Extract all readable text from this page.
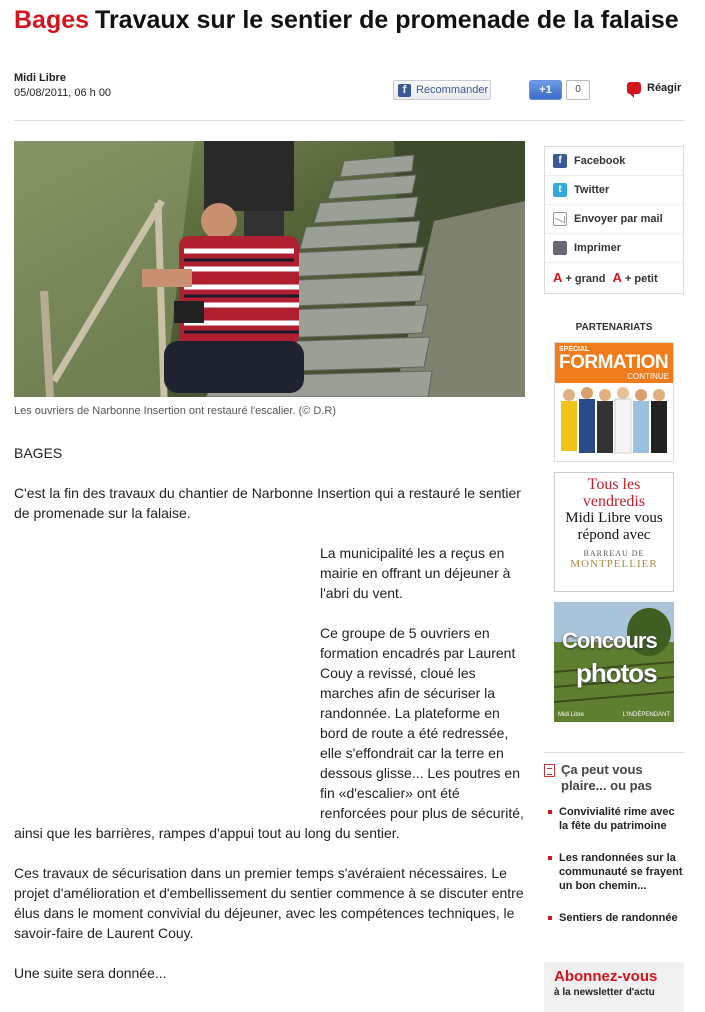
Bages Travaux sur le sentier de promenade de la falaise
Midi Libre
05/08/2011, 06 h 00	f Recommander	+1	0	Réagir
Les ouvriers de Narbonne Insertion ont restauré l'escalier. (© D.R)

BAGES

C'est la fin des travaux du chantier de Narbonne Insertion qui a restauré le sentier de promenade sur la falaise.

La municipalité les a reçus en mairie en offrant un déjeuner à l'abri du vent.

Ce groupe de 5 ouvriers en formation encadrés par Laurent Couy a revissé, cloué les marches afin de sécuriser la randonnée. La plateforme en bord de route a été redressée, elle s'effondrait car la terre en dessous glisse... Les poutres en fin «d'escalier» ont été renforcées pour plus de sécurité, ainsi que les barrières, rampes d'appui tout au long du sentier.

Ces travaux de sécurisation dans un premier temps s'avéraient nécessaires. Le projet d'amélioration et d'embellissement du sentier commence à se discuter entre élus dans le moment convivial du déjeuner, avec les compétences techniques, le savoir-faire de Laurent Couy.

Une suite sera donnée...

f	Facebook
t	Twitter
Envoyer par mail
Imprimer
A + grand A + petit
PARTENARIATS
SPÉCIAL
FORMATION
CONTINUE
Tous les vendredis
Midi Libre vous répond avec
BARREAU DE
MONTPELLIER
Concours
photos
Midi Libre	L'INDÉPENDANT
Ça peut vous plaire... ou pas
Convivialité rime avec la fête du patrimoine
Les randonnées sur la communauté se frayent un bon chemin...
Sentiers de randonnée
Abonnez-vous
à la newsletter d'actu
